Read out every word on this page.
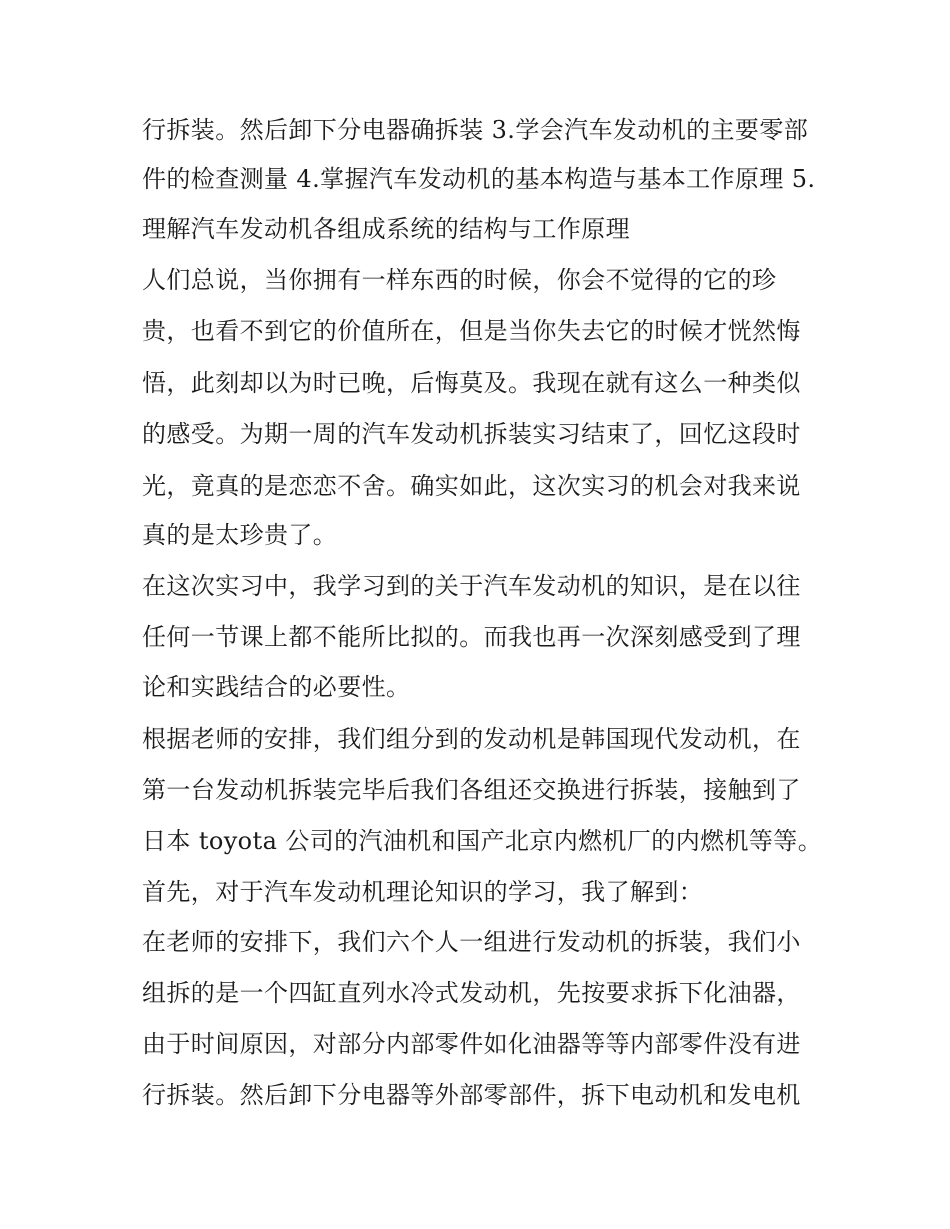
行拆装。然后卸下分电器确拆装 3.学会汽车发动机的主要零部
件的检查测量 4.掌握汽车发动机的基本构造与基本工作原理 5.
理解汽车发动机各组成系统的结构与工作原理
人们总说，当你拥有一样东西的时候，你会不觉得的它的珍
贵，也看不到它的价值所在，但是当你失去它的时候才恍然悔
悟，此刻却以为时已晚，后悔莫及。我现在就有这么一种类似
的感受。为期一周的汽车发动机拆装实习结束了，回忆这段时
光，竟真的是恋恋不舍。确实如此，这次实习的机会对我来说
真的是太珍贵了。
在这次实习中，我学习到的关于汽车发动机的知识，是在以往
任何一节课上都不能所比拟的。而我也再一次深刻感受到了理
论和实践结合的必要性。
根据老师的安排，我们组分到的发动机是韩国现代发动机，在
第一台发动机拆装完毕后我们各组还交换进行拆装，接触到了
日本 toyota 公司的汽油机和国产北京内燃机厂的内燃机等等。
首先，对于汽车发动机理论知识的学习，我了解到：
在老师的安排下，我们六个人一组进行发动机的拆装，我们小
组拆的是一个四缸直列水冷式发动机，先按要求拆下化油器，
由于时间原因，对部分内部零件如化油器等等内部零件没有进
行拆装。然后卸下分电器等外部零部件，拆下电动机和发电机
